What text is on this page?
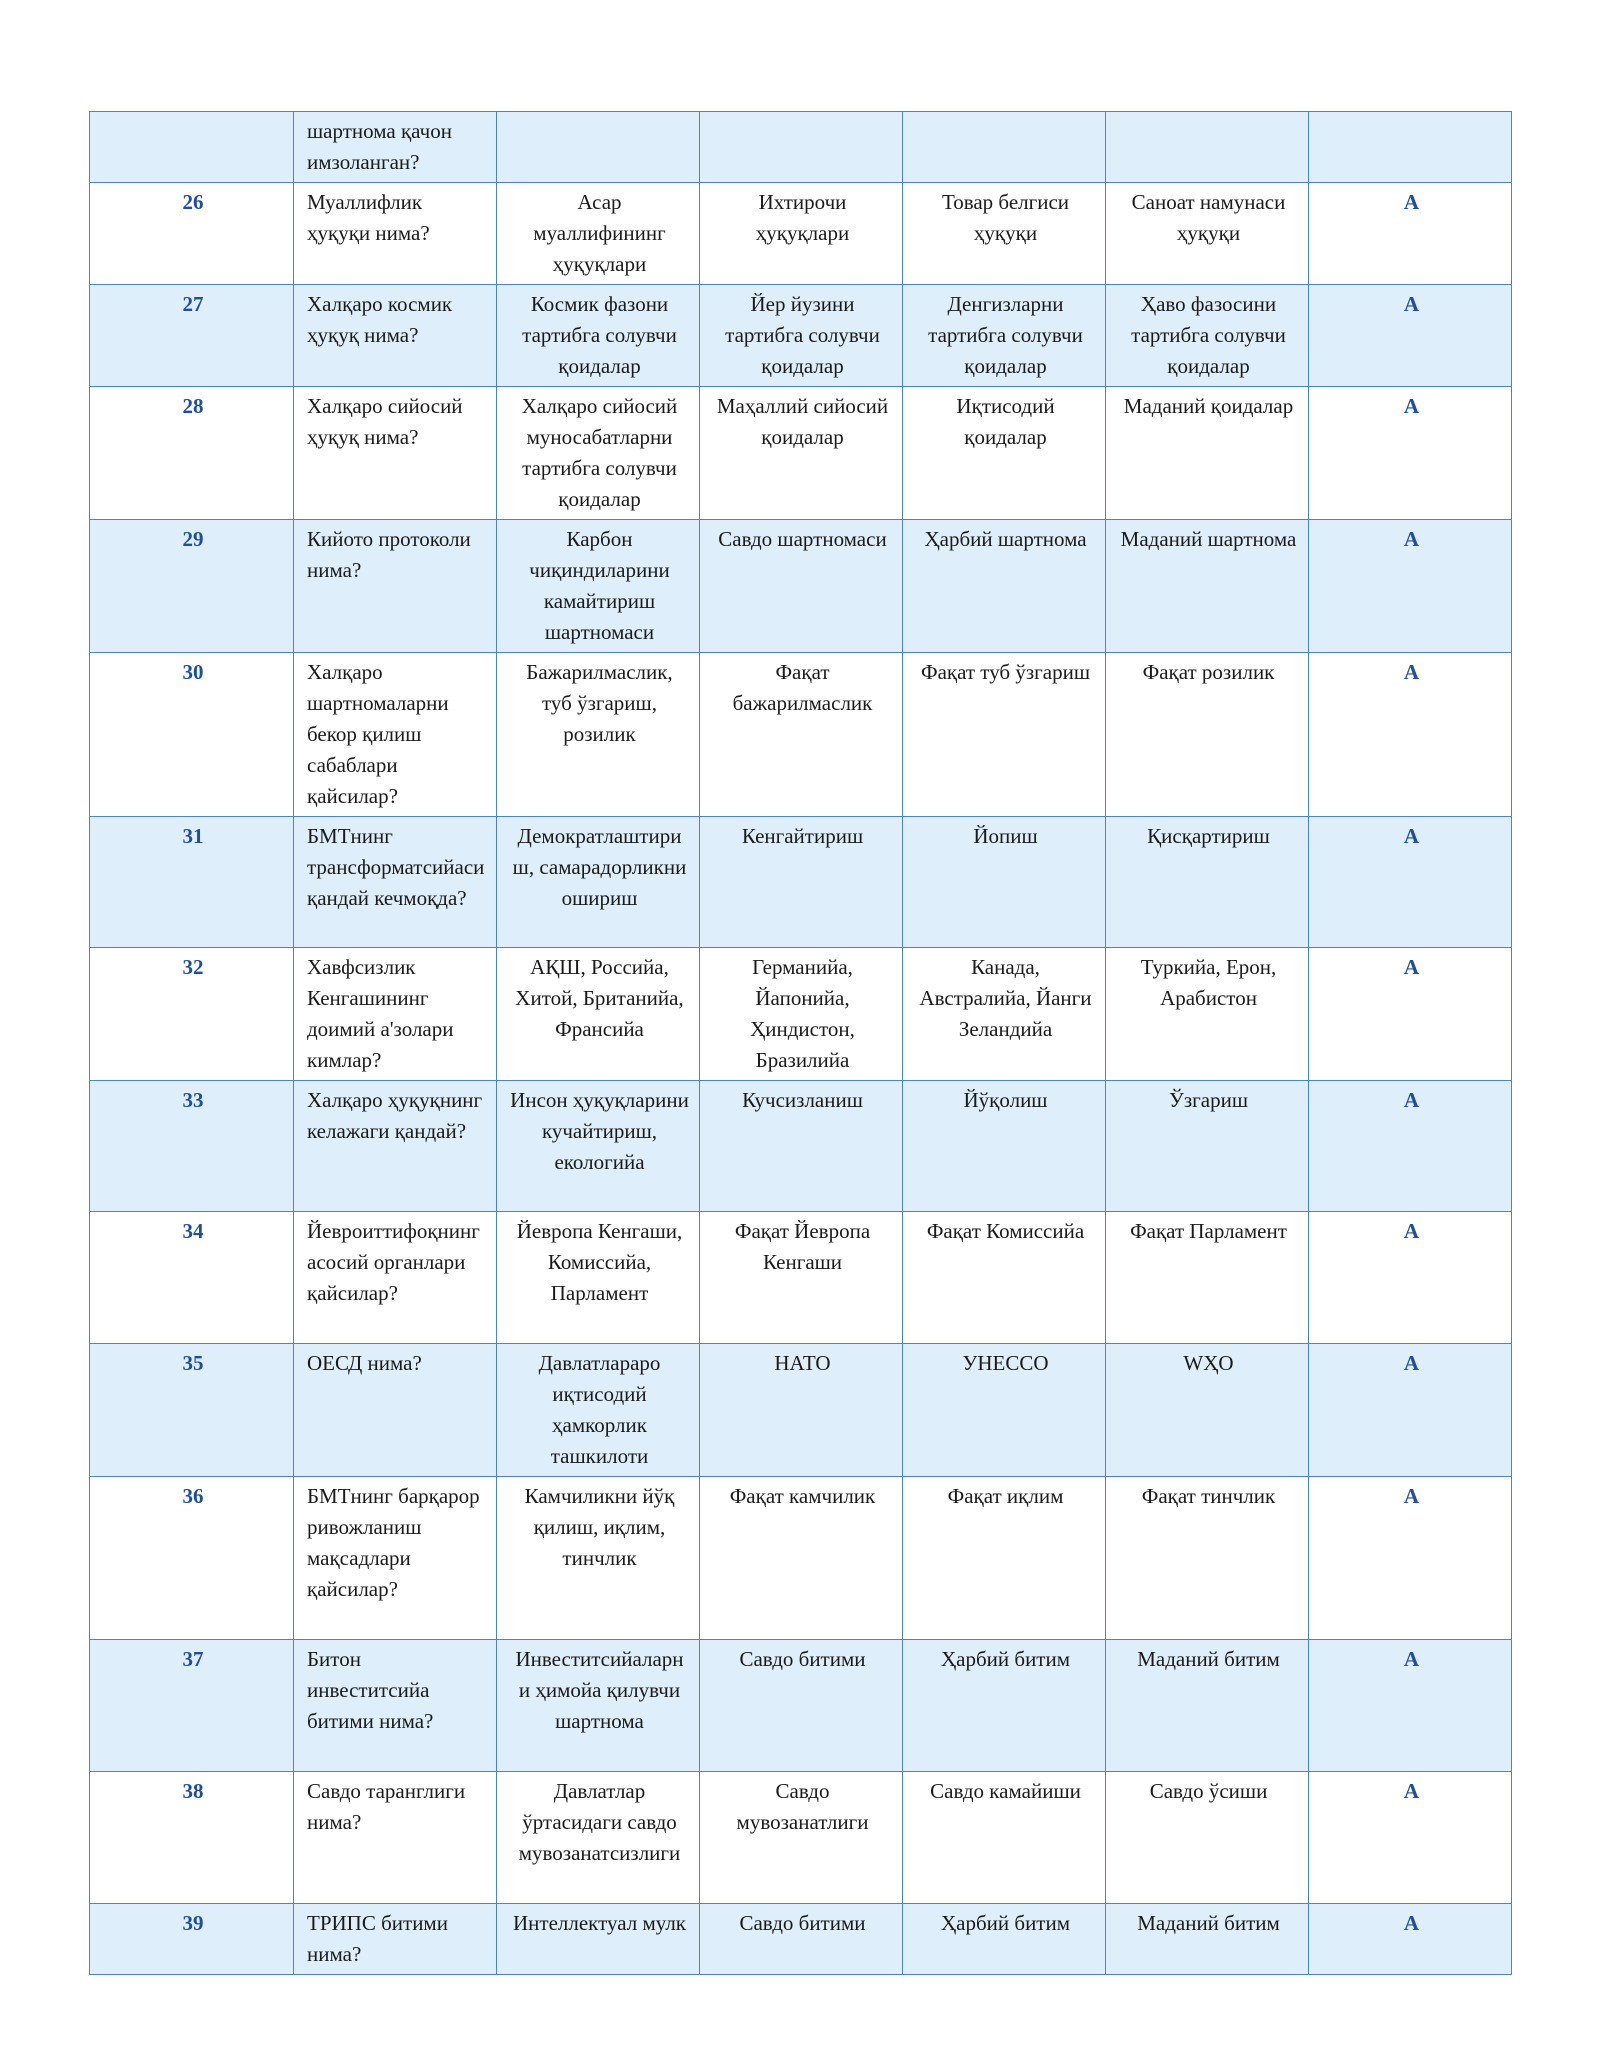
	шартнома қачон имзоланган?					
26	Муаллифлик ҳуқуқи нима?	Асар муаллифининг ҳуқуқлари	Ихтирочи ҳуқуқлари	Товар белгиси ҳуқуқи	Саноат намунаси ҳуқуқи	A
27	Халқаро космик ҳуқуқ нима?	Космик фазони тартибга солувчи қоидалар	Йер йузини тартибга солувчи қоидалар	Денгизларни тартибга солувчи қоидалар	Ҳаво фазосини тартибга солувчи қоидалар	A
28	Халқаро сийосий ҳуқуқ нима?	Халқаро сийосий муносабатларни тартибга солувчи қоидалар	Маҳаллий сийосий қоидалар	Иқтисодий қоидалар	Маданий қоидалар	A
29	Кийото протоколи нима?	Карбон чиқиндиларини камайтириш шартномаси	Савдо шартномаси	Ҳарбий шартнома	Маданий шартнома	A
30	Халқаро шартномаларни бекор қилиш сабаблари қайсилар?	Бажарилмаслик, туб ўзгариш, розилик	Фақат бажарилмаслик	Фақат туб ўзгариш	Фақат розилик	A
31	БМТнинг трансформатсийаси қандай кечмоқда?	Демократлаштириш, самарадорликни ошириш	Кенгайтириш	Йопиш	Қисқартириш	A
32	Хавфсизлик Кенгашининг доимий а'золари кимлар?	АҚШ, Российа, Хитой, Британийа, Франсийа	Германийа, Йапонийа, Ҳиндистон, Бразилийа	Канада, Австралийа, Йанги Зеландийа	Туркийа, Ерон, Арабистон	A
33	Халқаро ҳуқуқнинг келажаги қандай?	Инсон ҳуқуқларини кучайтириш, екологийа	Кучсизланиш	Йўқолиш	Ўзгариш	A
34	Йевроиттифоқнинг асосий органлари қайсилар?	Йевропа Кенгаши, Комиссийа, Парламент	Фақат Йевропа Кенгаши	Фақат Комиссийа	Фақат Парламент	A
35	ОЕСД нима?	Давлатлараро иқтисодий ҳамкорлик ташкилоти	НАТО	УНЕССО	WҲО	A
36	БМТнинг барқарор ривожланиш мақсадлари қайсилар?	Камчиликни йўқ қилиш, иқлим, тинчлик	Фақат камчилик	Фақат иқлим	Фақат тинчлик	A
37	Битон инвеститсийа битими нима?	Инвеститсийаларни ҳимойа қилувчи шартнома	Савдо битими	Ҳарбий битим	Маданий битим	A
38	Савдо таранглиги нима?	Давлатлар ўртасидаги савдо мувозанатсизлиги	Савдо мувозанатлиги	Савдо камайиши	Савдо ўсиши	A
39	ТРИПС битими нима?	Интеллектуал мулк	Савдо битими	Ҳарбий битим	Маданий битим	A
